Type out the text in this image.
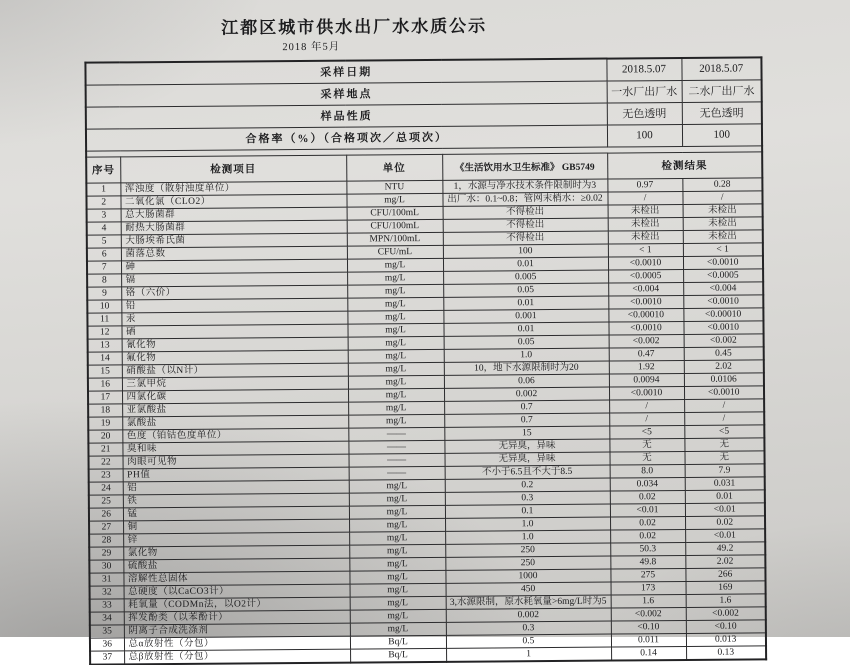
江都区城市供水出厂水水质公示
2018 年5月
采样日期				2018.5.07	2018.5.07
采样地点				一水厂出厂水	二水厂出厂水
样品性质				无色透明	无色透明
合格率（%）（合格项次／总项次）				100	100

序号	检测项目	单位	《生活饮用水卫生标准》 GB5749	检测结果	
1	浑浊度（散射浊度单位）	NTU	1，水源与净水技术条件限制时为3	0.97	0.28
2	二氧化氯（CLO2）	mg/L	出厂水：0.1~0.8；管网末梢水：≥0.02	/	/
3	总大肠菌群	CFU/100mL	不得检出	未检出	未检出
4	耐热大肠菌群	CFU/100mL	不得检出	未检出	未检出
5	大肠埃希氏菌	MPN/100mL	不得检出	未检出	未检出
6	菌落总数	CFU/mL	100	< 1	< 1
7	砷	mg/L	0.01	<0.0010	<0.0010
8	镉	mg/L	0.005	<0.0005	<0.0005
9	铬（六价）	mg/L	0.05	<0.004	<0.004
10	铅	mg/L	0.01	<0.0010	<0.0010
11	汞	mg/L	0.001	<0.00010	<0.00010
12	硒	mg/L	0.01	<0.0010	<0.0010
13	氰化物	mg/L	0.05	<0.002	<0.002
14	氟化物	mg/L	1.0	0.47	0.45
15	硝酸盐（以N计）	mg/L	10，地下水源限制时为20	1.92	2.02
16	三氯甲烷	mg/L	0.06	0.0094	0.0106
17	四氯化碳	mg/L	0.002	<0.0010	<0.0010
18	亚氯酸盐	mg/L	0.7	/	/
19	氯酸盐	mg/L	0.7	/	/
20	色度（铂钴色度单位）	——	15	<5	<5
21	臭和味	——	无异臭，异味	无	无
22	肉眼可见物	——	无异臭，异味	无	无
23	PH值	——	不小于6.5且不大于8.5	8.0	7.9
24	铝	mg/L	0.2	0.034	0.031
25	铁	mg/L	0.3	0.02	0.01
26	锰	mg/L	0.1	<0.01	<0.01
27	铜	mg/L	1.0	0.02	0.02
28	锌	mg/L	1.0	0.02	<0.01
29	氯化物	mg/L	250	50.3	49.2
30	硫酸盐	mg/L	250	49.8	2.02
31	溶解性总固体	mg/L	1000	275	266
32	总硬度（以CaCO3计）	mg/L	450	173	169
33	耗氧量（CODMn法，以O2计）	mg/L	3,水源限制，原水耗氧量>6mg/L时为5	1.6	1.6
34	挥发酚类（以苯酚计）	mg/L	0.002	<0.002	<0.002
35	阴离子合成洗涤剂	mg/L	0.3	<0.10	<0.10
36	总α放射性（分包）	Bq/L	0.5	0.011	0.013
37	总β放射性（分包）	Bq/L	1	0.14	0.13
